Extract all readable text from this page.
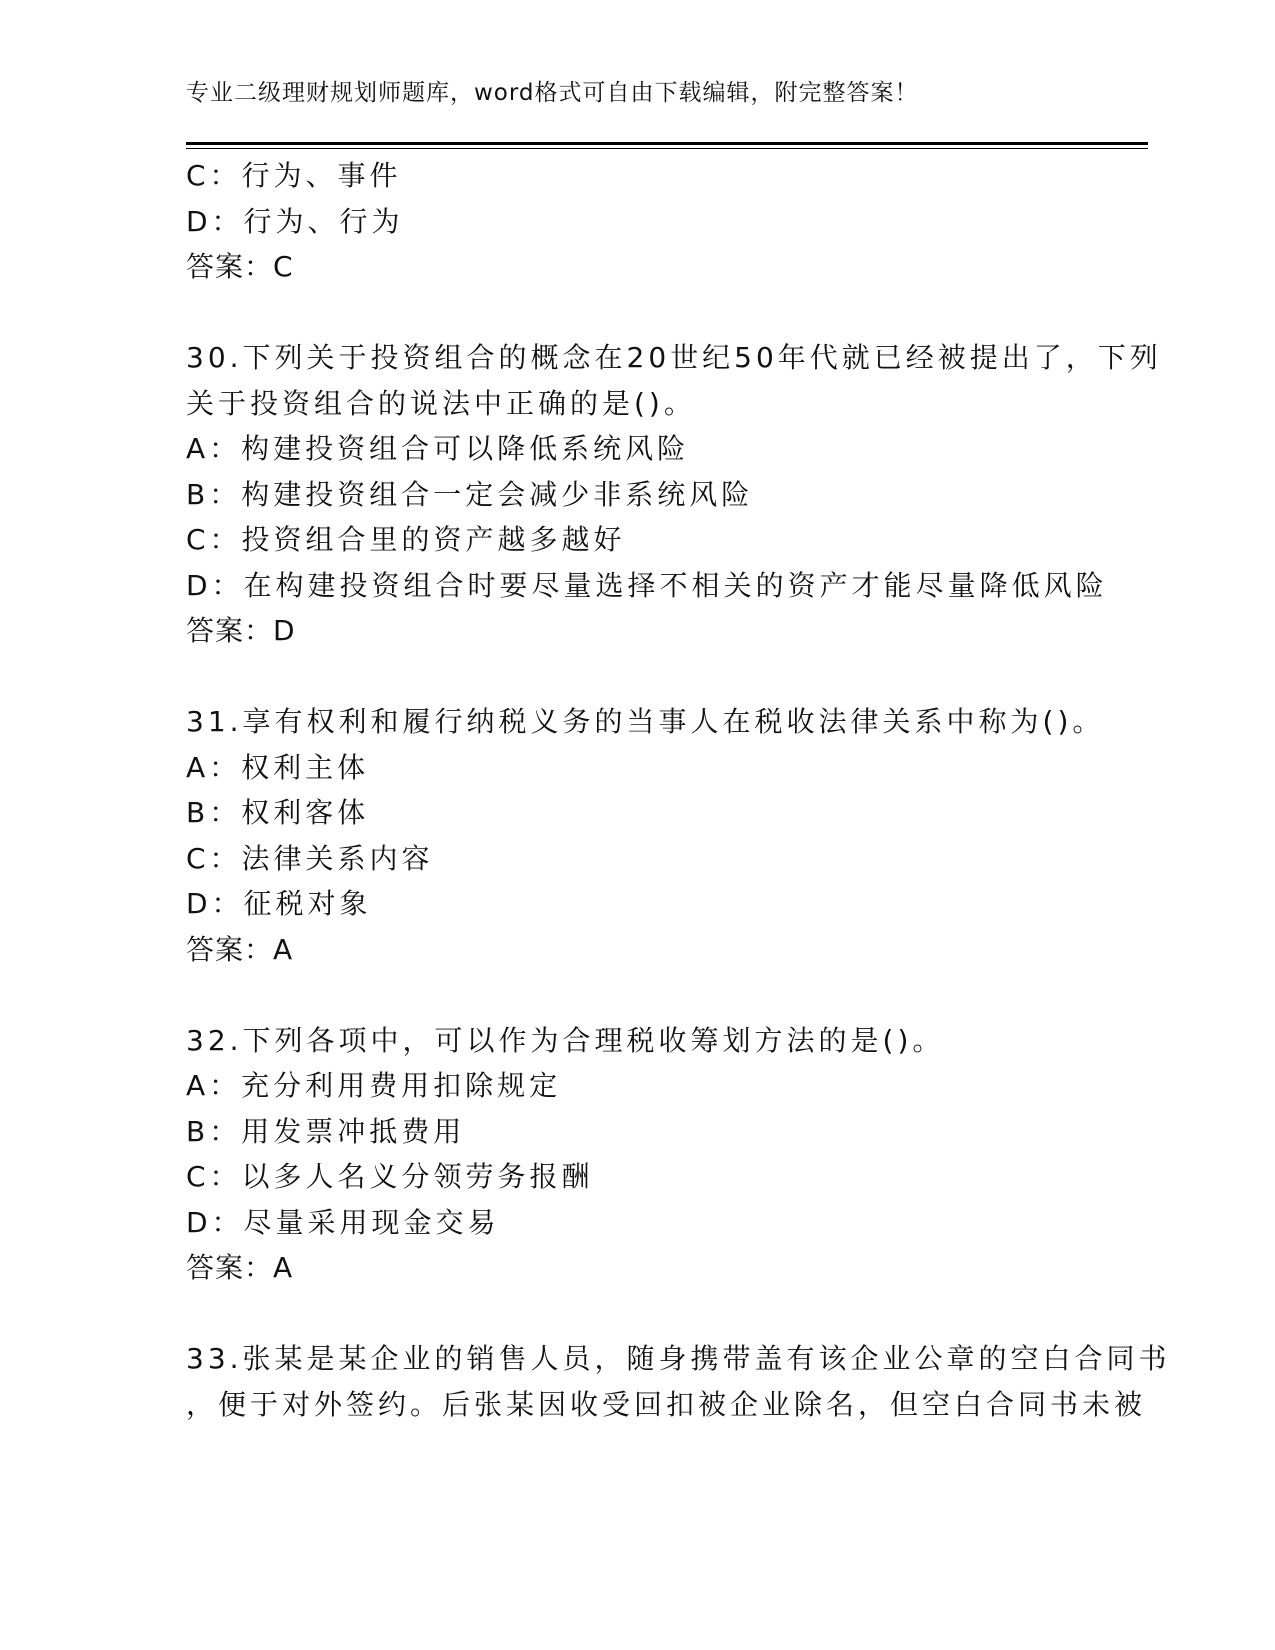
专业二级理财规划师题库，word格式可自由下载编辑，附完整答案！
C：行为、事件
D：行为、行为
答案：C
30.下列关于投资组合的概念在20世纪50年代就已经被提出了，下列
关于投资组合的说法中正确的是()。
A：构建投资组合可以降低系统风险
B：构建投资组合一定会减少非系统风险
C：投资组合里的资产越多越好
D：在构建投资组合时要尽量选择不相关的资产才能尽量降低风险
答案：D
31.享有权利和履行纳税义务的当事人在税收法律关系中称为()。
A：权利主体
B：权利客体
C：法律关系内容
D：征税对象
答案：A
32.下列各项中，可以作为合理税收筹划方法的是()。
A：充分利用费用扣除规定
B：用发票冲抵费用
C：以多人名义分领劳务报酬
D：尽量采用现金交易
答案：A
33.张某是某企业的销售人员，随身携带盖有该企业公章的空白合同书
，便于对外签约。后张某因收受回扣被企业除名，但空白合同书未被
